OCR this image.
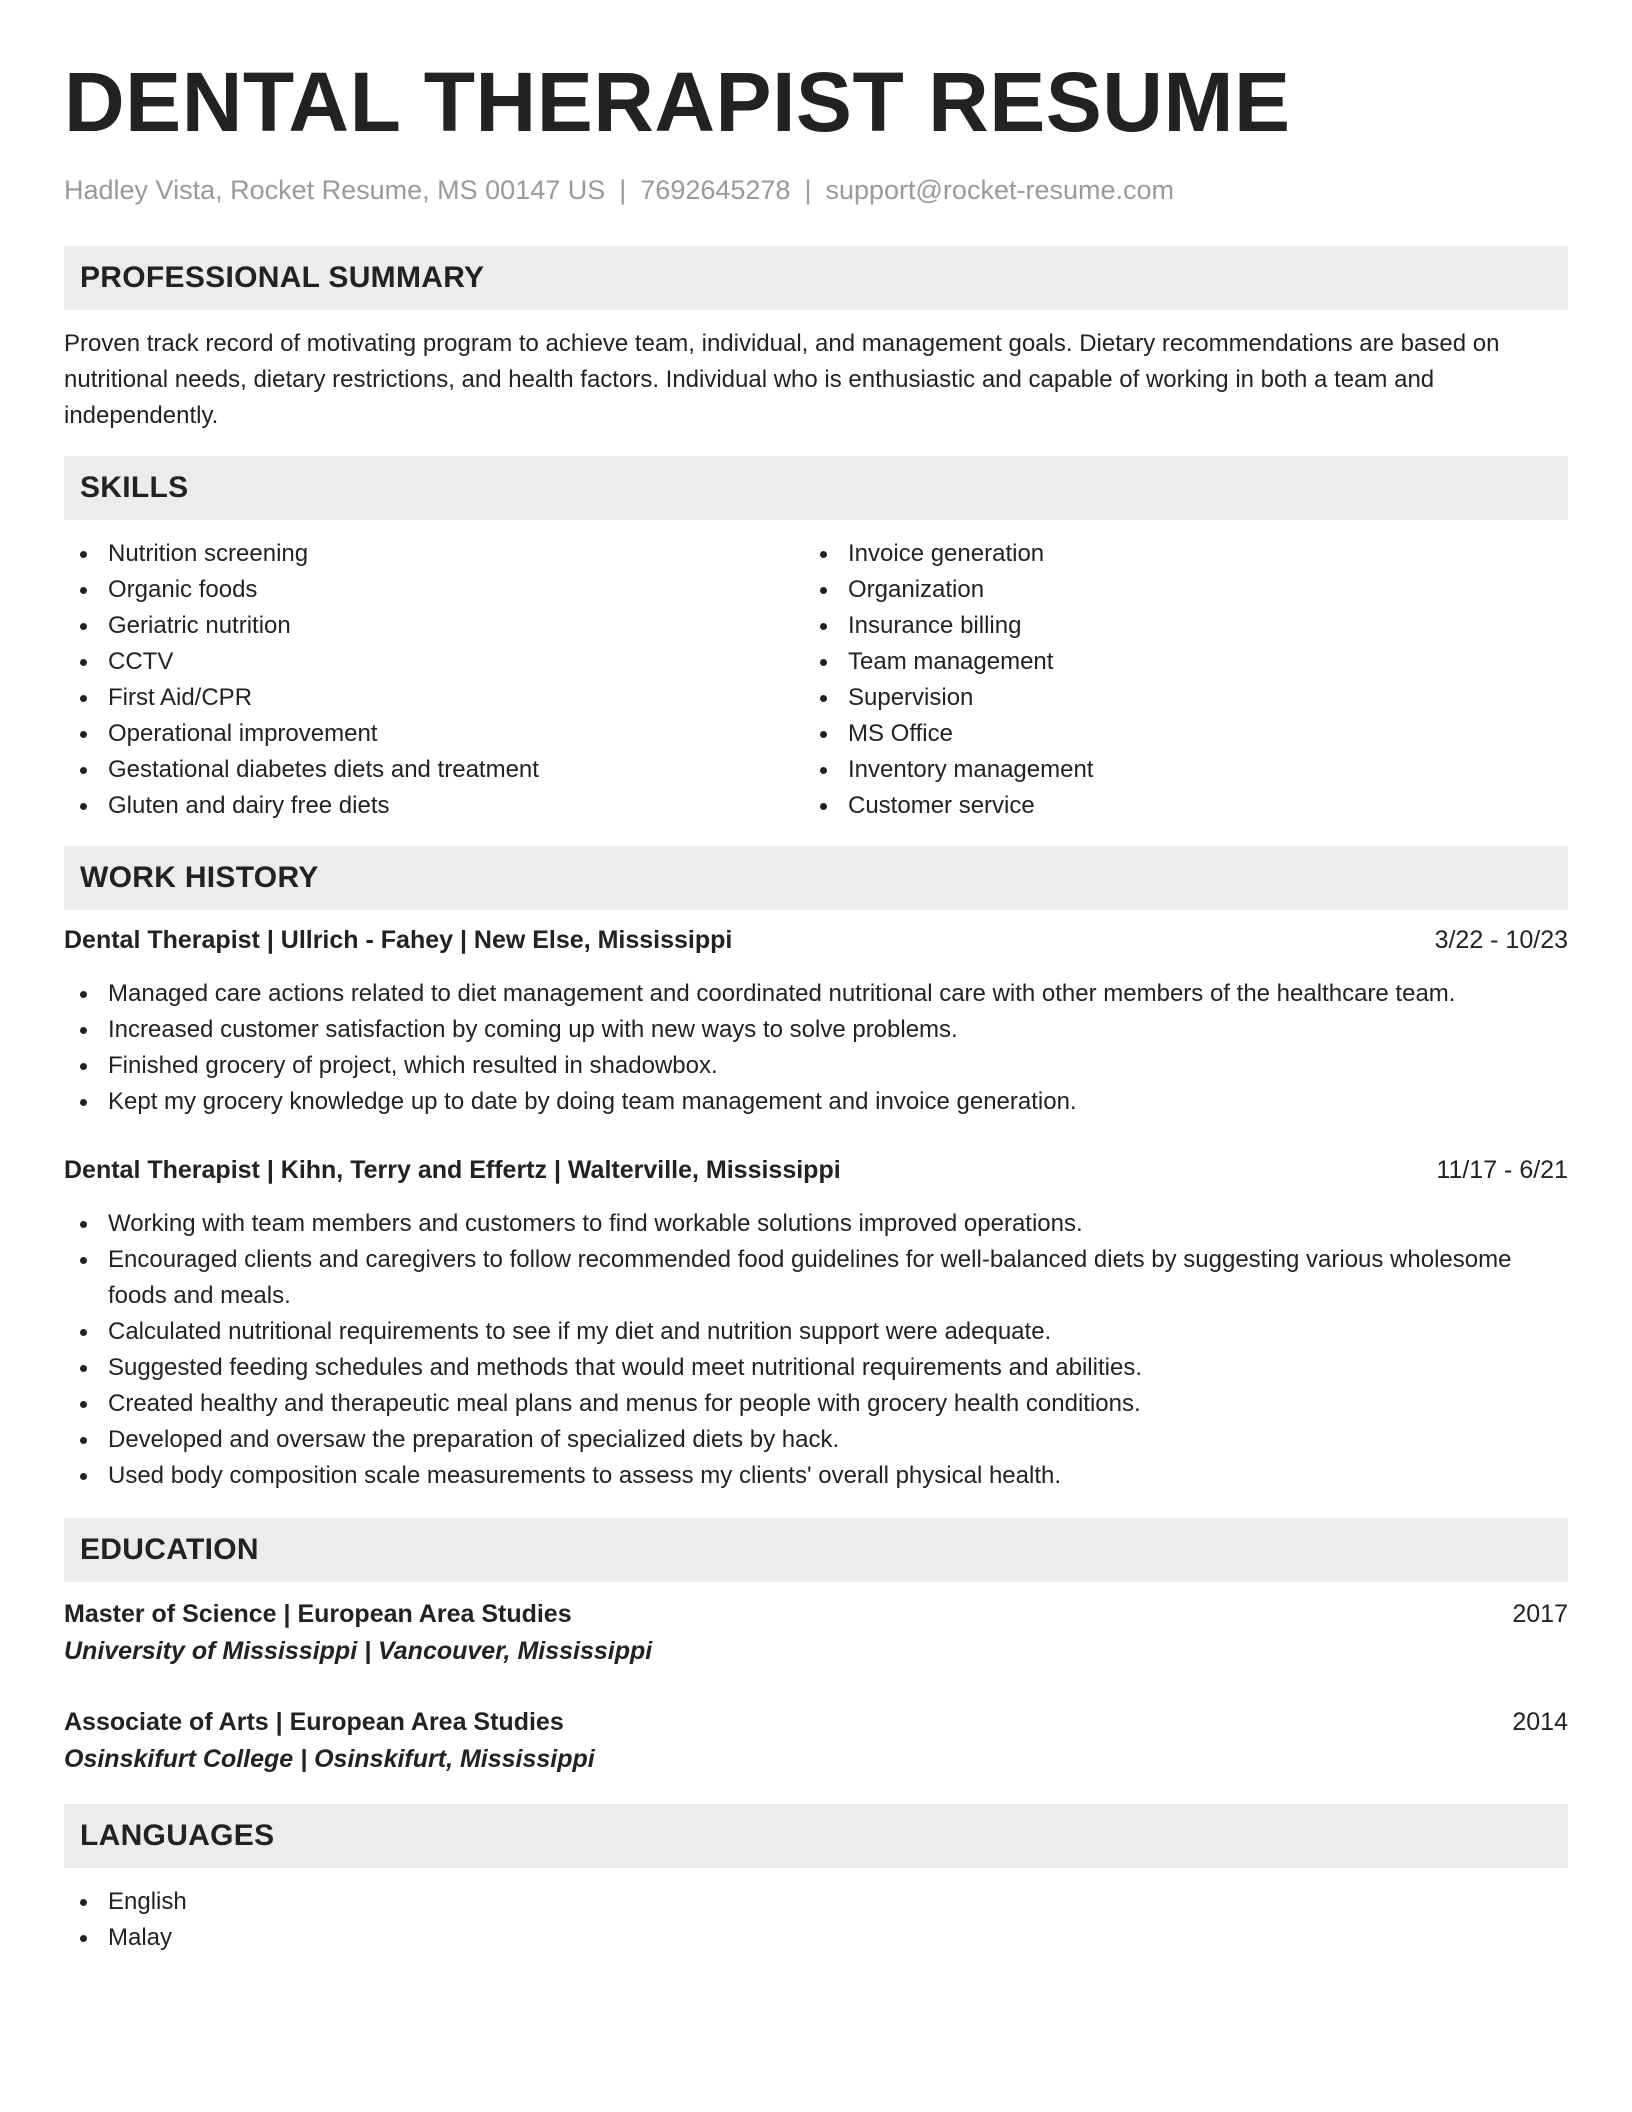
DENTAL THERAPIST RESUME
Hadley Vista, Rocket Resume, MS 00147 US | 7692645278 | support@rocket-resume.com
PROFESSIONAL SUMMARY

Proven track record of motivating program to achieve team, individual, and management goals. Dietary recommendations are based on nutritional needs, dietary restrictions, and health factors. Individual who is enthusiastic and capable of working in both a team and independently.

SKILLS
Nutrition screening
Organic foods
Geriatric nutrition
CCTV
First Aid/CPR
Operational improvement
Gestational diabetes diets and treatment
Gluten and dairy free diets
Invoice generation
Organization
Insurance billing
Team management
Supervision
MS Office
Inventory management
Customer service
WORK HISTORY
Dental Therapist | Ullrich - Fahey | New Else, Mississippi	3/22 - 10/23
Managed care actions related to diet management and coordinated nutritional care with other members of the healthcare team.
Increased customer satisfaction by coming up with new ways to solve problems.
Finished grocery of project, which resulted in shadowbox.
Kept my grocery knowledge up to date by doing team management and invoice generation.
Dental Therapist | Kihn, Terry and Effertz | Walterville, Mississippi	11/17 - 6/21
Working with team members and customers to find workable solutions improved operations.
Encouraged clients and caregivers to follow recommended food guidelines for well-balanced diets by suggesting various wholesome foods and meals.
Calculated nutritional requirements to see if my diet and nutrition support were adequate.
Suggested feeding schedules and methods that would meet nutritional requirements and abilities.
Created healthy and therapeutic meal plans and menus for people with grocery health conditions.
Developed and oversaw the preparation of specialized diets by hack.
Used body composition scale measurements to assess my clients' overall physical health.
EDUCATION
Master of Science | European Area Studies	2017
University of Mississippi | Vancouver, Mississippi
Associate of Arts | European Area Studies	2014
Osinskifurt College | Osinskifurt, Mississippi
LANGUAGES
English
Malay
